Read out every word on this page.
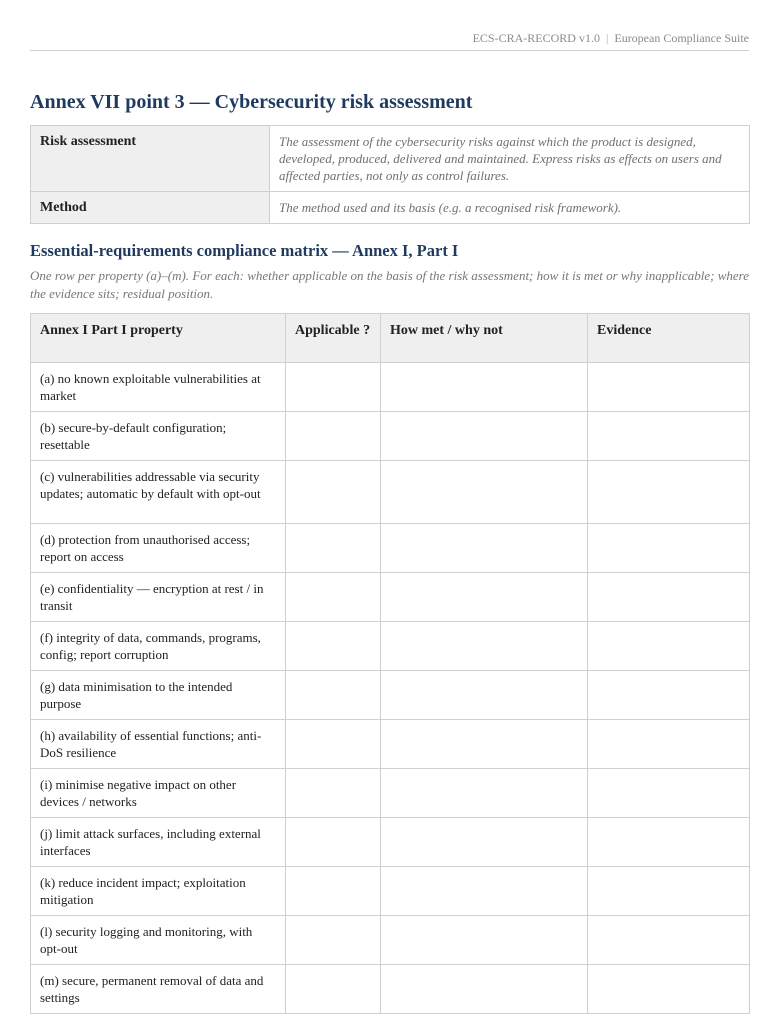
ECS-CRA-RECORD v1.0 | European Compliance Suite
Annex VII point 3 — Cybersecurity risk assessment
Risk assessment	The assessment of the cybersecurity risks against which the product is designed, developed, produced, delivered and maintained. Express risks as effects on users and affected parties, not only as control failures.
Method	The method used and its basis (e.g. a recognised risk framework).
Essential-requirements compliance matrix — Annex I, Part I

One row per property (a)–(m). For each: whether applicable on the basis of the risk assessment; how it is met or why inapplicable; where the evidence sits; residual position.

Annex I Part I property	Applicable ?	How met / why not	Evidence
(a) no known exploitable vulnerabilities at market			
(b) secure-by-default configuration; resettable			
(c) vulnerabilities addressable via security updates; automatic by default with opt-out			
(d) protection from unauthorised access; report on access			
(e) confidentiality — encryption at rest / in transit			
(f) integrity of data, commands, programs, config; report corruption			
(g) data minimisation to the intended purpose			
(h) availability of essential functions; anti-DoS resilience			
(i) minimise negative impact on other devices / networks			
(j) limit attack surfaces, including external interfaces			
(k) reduce incident impact; exploitation mitigation			
(l) security logging and monitoring, with opt-out			
(m) secure, permanent removal of data and settings			
